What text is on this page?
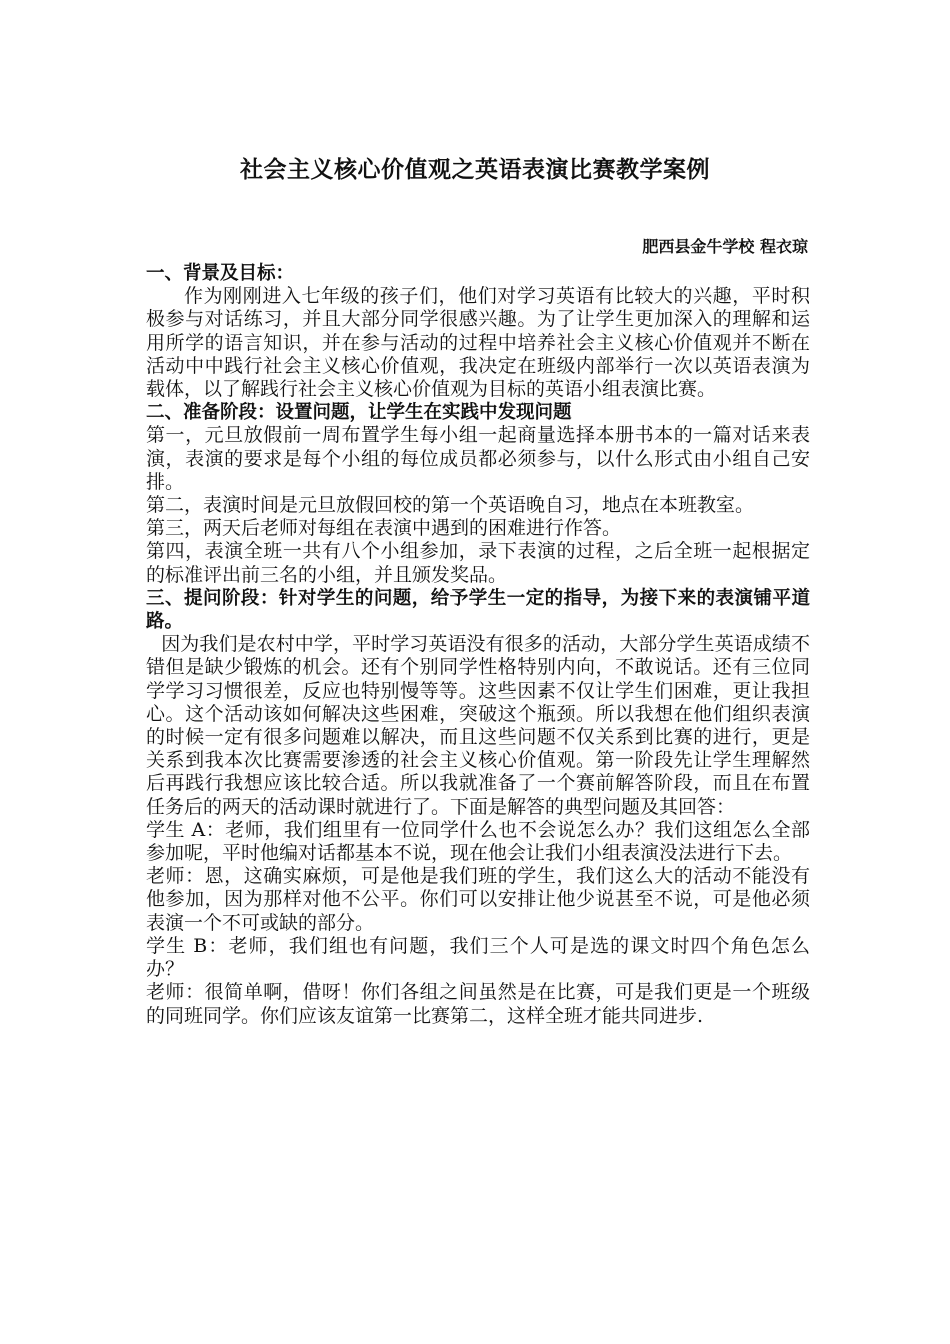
社会主义核心价值观之英语表演比赛教学案例
肥西县金牛学校 程衣琼

一、背景及目标：

作为刚刚进入七年级的孩子们，他们对学习英语有比较大的兴趣，平时积极参与对话练习，并且大部分同学很感兴趣。为了让学生更加深入的理解和运用所学的语言知识，并在参与活动的过程中培养社会主义核心价值观并不断在活动中中践行社会主义核心价值观，我决定在班级内部举行一次以英语表演为载体，以了解践行社会主义核心价值观为目标的英语小组表演比赛。

二、准备阶段：设置问题，让学生在实践中发现问题

第一，元旦放假前一周布置学生每小组一起商量选择本册书本的一篇对话来表演，表演的要求是每个小组的每位成员都必须参与，以什么形式由小组自己安排。

第二，表演时间是元旦放假回校的第一个英语晚自习，地点在本班教室。

第三，两天后老师对每组在表演中遇到的困难进行作答。

第四，表演全班一共有八个小组参加，录下表演的过程，之后全班一起根据定的标准评出前三名的小组，并且颁发奖品。

三、提问阶段：针对学生的问题，给予学生一定的指导，为接下来的表演铺平道路。

因为我们是农村中学，平时学习英语没有很多的活动，大部分学生英语成绩不错但是缺少锻炼的机会。还有个别同学性格特别内向，不敢说话。还有三位同学学习习惯很差，反应也特别慢等等。这些因素不仅让学生们困难，更让我担心。这个活动该如何解决这些困难，突破这个瓶颈。所以我想在他们组织表演的时候一定有很多问题难以解决，而且这些问题不仅关系到比赛的进行，更是关系到我本次比赛需要渗透的社会主义核心价值观。第一阶段先让学生理解然后再践行我想应该比较合适。所以我就准备了一个赛前解答阶段，而且在布置任务后的两天的活动课时就进行了。下面是解答的典型问题及其回答：

学生 A：老师，我们组里有一位同学什么也不会说怎么办？我们这组怎么全部参加呢，平时他编对话都基本不说，现在他会让我们小组表演没法进行下去。

老师：恩，这确实麻烦，可是他是我们班的学生，我们这么大的活动不能没有他参加，因为那样对他不公平。你们可以安排让他少说甚至不说，可是他必须表演一个不可或缺的部分。

学生 B：老师，我们组也有问题，我们三个人可是选的课文时四个角色怎么办？

老师：很简单啊，借呀！你们各组之间虽然是在比赛，可是我们更是一个班级的同班同学。你们应该友谊第一比赛第二，这样全班才能共同进步.
